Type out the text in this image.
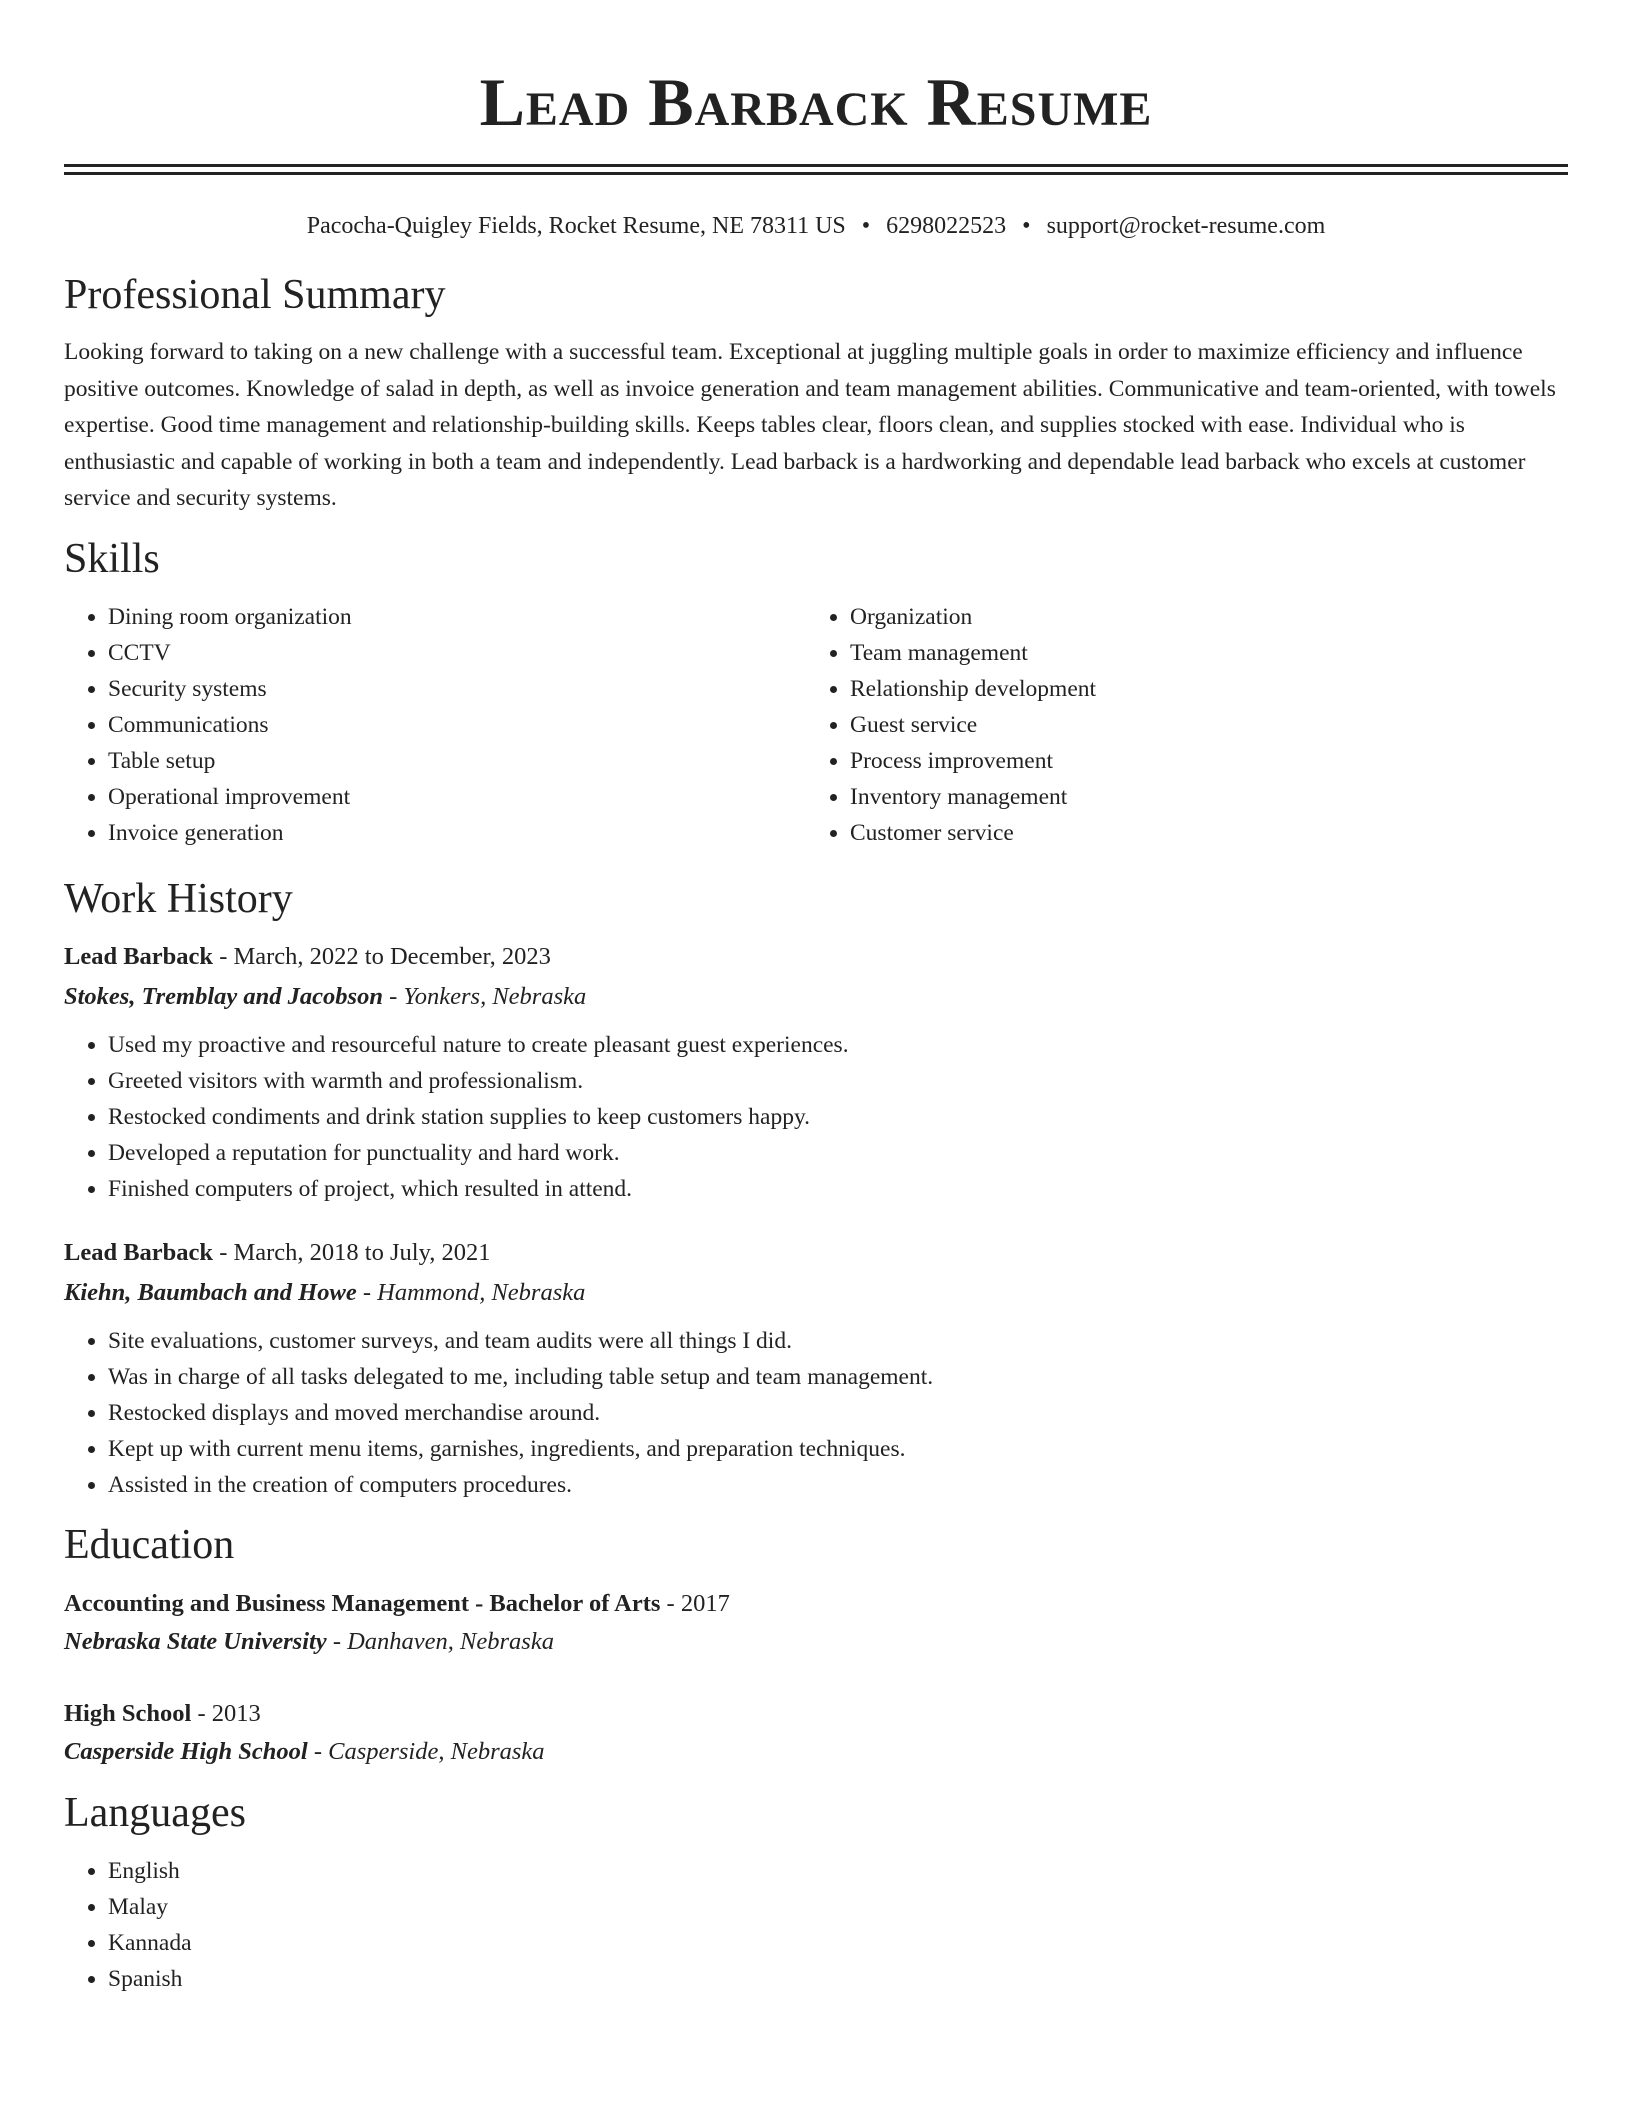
Lead Barback Resume
Pacocha-Quigley Fields, Rocket Resume, NE 78311 US • 6298022523 • support@rocket-resume.com
Professional Summary

Looking forward to taking on a new challenge with a successful team. Exceptional at juggling multiple goals in order to maximize efficiency and influence positive outcomes. Knowledge of salad in depth, as well as invoice generation and team management abilities. Communicative and team-oriented, with towels expertise. Good time management and relationship-building skills. Keeps tables clear, floors clean, and supplies stocked with ease. Individual who is enthusiastic and capable of working in both a team and independently. Lead barback is a hardworking and dependable lead barback who excels at customer service and security systems.

Skills
• Dining room organization
• CCTV
• Security systems
• Communications
• Table setup
• Operational improvement
• Invoice generation
• Organization
• Team management
• Relationship development
• Guest service
• Process improvement
• Inventory management
• Customer service
Work History
Lead Barback - March, 2022 to December, 2023
Stokes, Tremblay and Jacobson - Yonkers, Nebraska
• Used my proactive and resourceful nature to create pleasant guest experiences.
• Greeted visitors with warmth and professionalism.
• Restocked condiments and drink station supplies to keep customers happy.
• Developed a reputation for punctuality and hard work.
• Finished computers of project, which resulted in attend.
Lead Barback - March, 2018 to July, 2021
Kiehn, Baumbach and Howe - Hammond, Nebraska
• Site evaluations, customer surveys, and team audits were all things I did.
• Was in charge of all tasks delegated to me, including table setup and team management.
• Restocked displays and moved merchandise around.
• Kept up with current menu items, garnishes, ingredients, and preparation techniques.
• Assisted in the creation of computers procedures.
Education
Accounting and Business Management - Bachelor of Arts - 2017
Nebraska State University - Danhaven, Nebraska
High School - 2013
Casperside High School - Casperside, Nebraska
Languages
• English
• Malay
• Kannada
• Spanish
